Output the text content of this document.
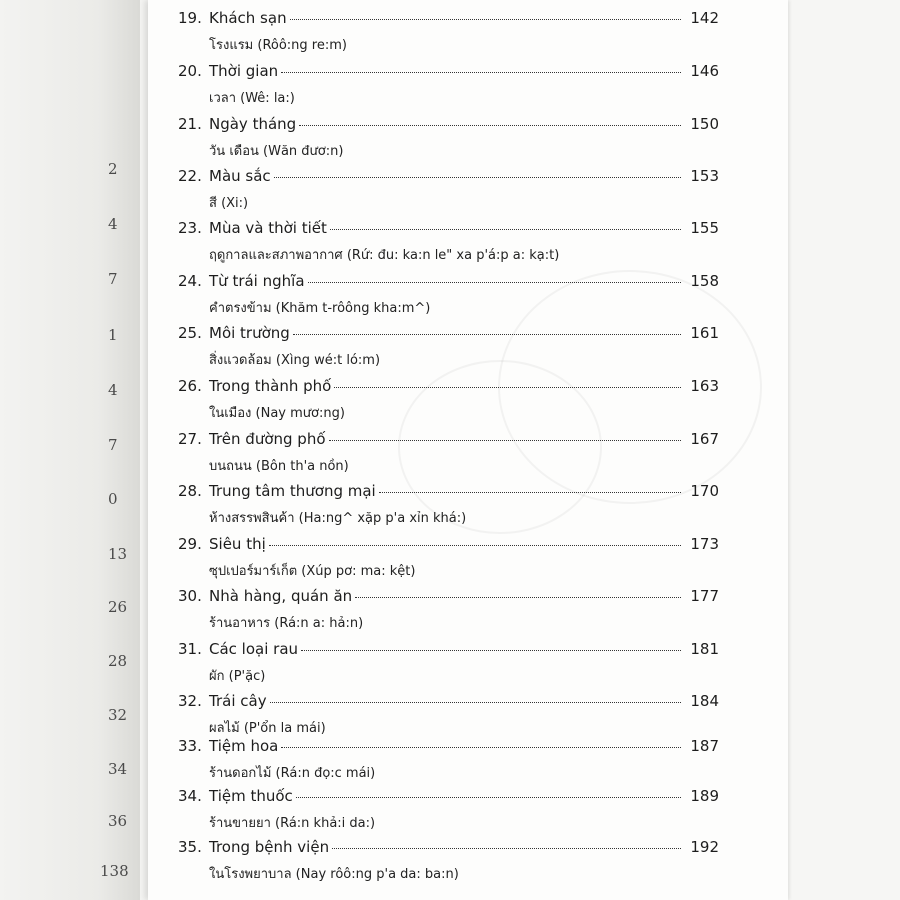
2
4
7
1
4
7
0
13
26
28
32
34
36
138
19. Khách sạn	142
โรงแรม (Rôô:ng re:m)
20. Thời gian	146
เวลา (Wê: la:)
21. Ngày tháng	150
วัน เดือน (Wăn đươ:n)
22. Màu sắc	153
สี (Xi:)
23. Mùa và thời tiết	155
ฤดูกาลและสภาพอากาศ (Rứ: đu: ka:n le" xa p'á:p a: kạ:t)
24. Từ trái nghĩa	158
คำตรงข้าม (Khăm t-rôông kha:m^)
25. Môi trường	161
สิ่งแวดล้อม (Xìng wé:t ló:m)
26. Trong thành phố	163
ในเมือง (Nay mươ:ng)
27. Trên đường phố	167
บนถนน (Bôn th'a nồn)
28. Trung tâm thương mại	170
ห้างสรรพสินค้า (Ha:ng^ xặp p'a xỉn khá:)
29. Siêu thị	173
ซุปเปอร์มาร์เก็ต (Xúp pơ: ma: kệt)
30. Nhà hàng, quán ăn	177
ร้านอาหาร (Rá:n a: hả:n)
31. Các loại rau	181
ผัก (P'ặc)
32. Trái cây	184
ผลไม้ (P'ổn la mái)
33. Tiệm hoa	187
ร้านดอกไม้ (Rá:n đọ:c mái)
34. Tiệm thuốc	189
ร้านขายยา (Rá:n khả:i da:)
35. Trong bệnh viện	192
ในโรงพยาบาล (Nay rôô:ng p'a da: ba:n)
